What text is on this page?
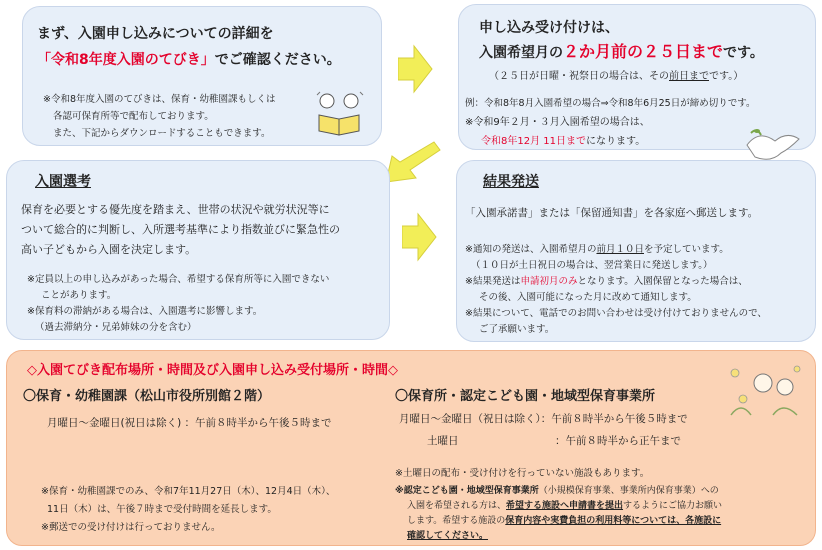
まず、入園申し込みについての詳細を
「令和8年度入園のてびき」でご確認ください。
※令和8年度入園のてびきは、保育・幼稚園課もしくは
各認可保育所等で配布しております。
また、下記からダウンロードすることもできます。
申し込み受け付けは、
入園希望月の２か月前の２５日までです。
（２５日が日曜・祝祭日の場合は、その前日までです。）
例：令和8年8月入園希望の場合⇒令和8年6月25日が締め切りです。
※令和9年２月・３月入園希望の場合は、
令和8年12月 11日までになります。
入園選考
保育を必要とする優先度を踏まえ、世帯の状況や就労状況等に
ついて総合的に判断し、入所選考基準により指数並びに緊急性の
高い子どもから入園を決定します。
※定員以上の申し込みがあった場合、希望する保育所等に入園できない
ことがあります。
※保育料の滞納がある場合は、入園選考に影響します。
（過去滞納分・兄弟姉妹の分を含む）
結果発送
「入園承諾書」または「保留通知書」を各家庭へ郵送します。
※通知の発送は、入園希望月の前月１０日を予定しています。
（１０日が土日祝日の場合は、翌営業日に発送します。）
※結果発送は申請初月のみとなります。入園保留となった場合は、
その後、入園可能になった月に改めて通知します。
※結果について、電話でのお問い合わせは受け付けておりませんので、
ご了承願います。
◇入園てびき配布場所・時間及び入園申し込み受付場所・時間◇
〇保育・幼稚園課（松山市役所別館２階）
月曜日～金曜日(祝日は除く) ：午前８時半から午後５時まで
※保育・幼稚園課でのみ、令和7年11月27日（木）、12月4日（木）、
11日（木）は、午後７時まで受付時間を延長します。
※郵送での受け付けは行っておりません。
〇保育所・認定こども園・地域型保育事業所
月曜日～金曜日（祝日は除く）：午前８時半から午後５時まで
土曜日	：午前８時半から正午まで
※土曜日の配布・受け付けを行っていない施設もあります。
※認定こども園・地域型保育事業所（小規模保育事業、事業所内保育事業）への
入園を希望される方は、希望する施設へ申請書を提出するようにご協力お願い
します。希望する施設の保育内容や実費負担の利用料等については、各施設に
確認してください。
